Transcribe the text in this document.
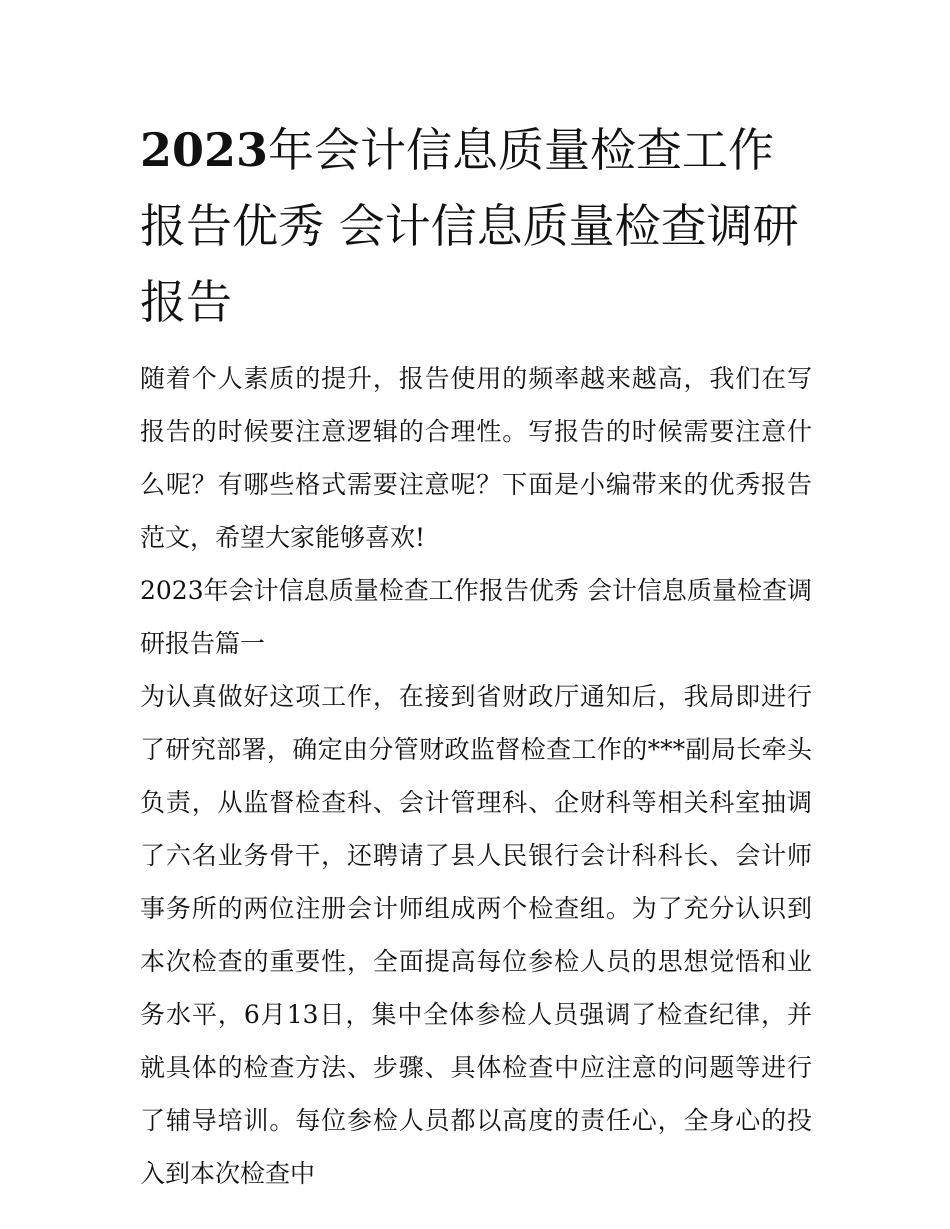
2023年会计信息质量检查工作报告优秀 会计信息质量检查调研报告

随着个人素质的提升，报告使用的频率越来越高，我们在写报告的时候要注意逻辑的合理性。写报告的时候需要注意什么呢？有哪些格式需要注意呢？下面是小编带来的优秀报告范文，希望大家能够喜欢!

2023年会计信息质量检查工作报告优秀 会计信息质量检查调研报告篇一

为认真做好这项工作，在接到省财政厅通知后，我局即进行了研究部署，确定由分管财政监督检查工作的***副局长牵头负责，从监督检查科、会计管理科、企财科等相关科室抽调了六名业务骨干，还聘请了县人民银行会计科科长、会计师事务所的两位注册会计师组成两个检查组。为了充分认识到本次检查的重要性，全面提高每位参检人员的思想觉悟和业务水平，6月13日，集中全体参检人员强调了检查纪律，并就具体的检查方法、步骤、具体检查中应注意的问题等进行了辅导培训。每位参检人员都以高度的责任心，全身心的投入到本次检查中
